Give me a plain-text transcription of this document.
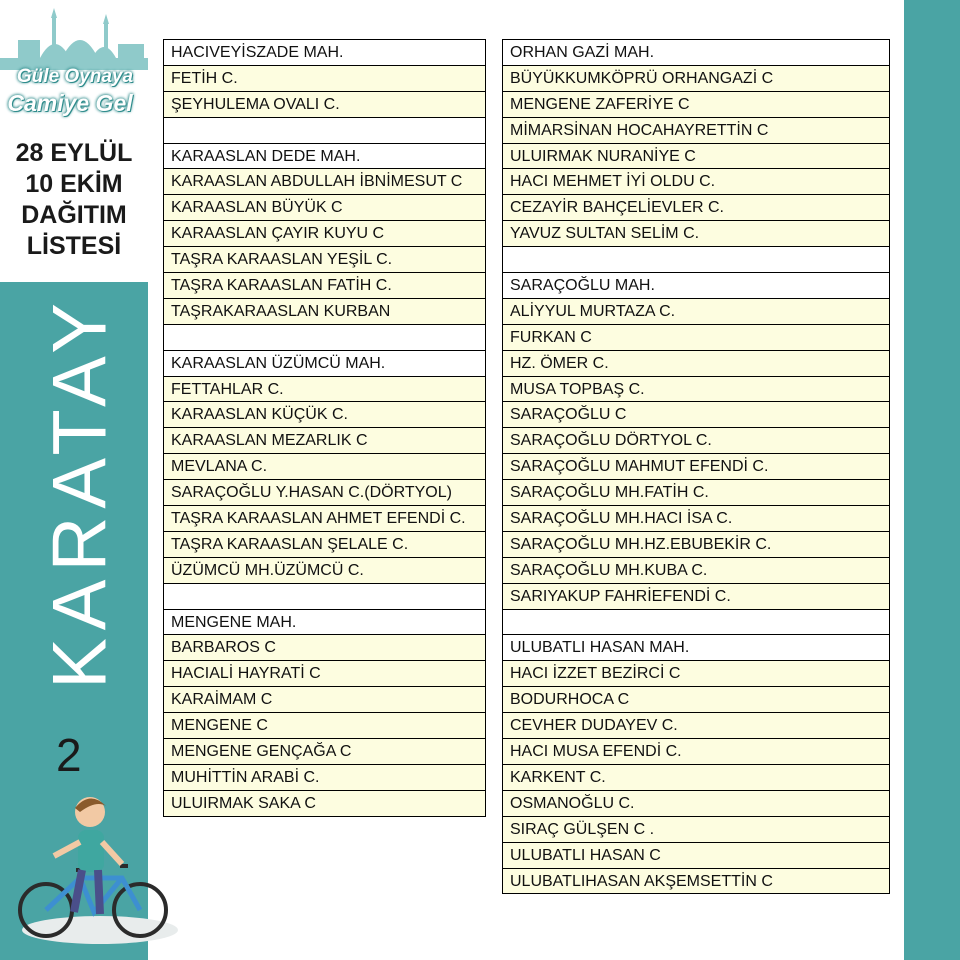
Güle Oynaya
Camiye Gel
28 EYLÜL
10 EKİM
DAĞITIM
LİSTESİ
KARATAY
2
HACIVEYİSZADE MAH.
FETİH C.
ŞEYHULEMA OVALI C.
KARAASLAN DEDE MAH.
KARAASLAN ABDULLAH İBNİMESUT C
KARAASLAN BÜYÜK C
KARAASLAN ÇAYIR KUYU C
TAŞRA KARAASLAN YEŞİL C.
TAŞRA KARAASLAN FATİH C.
TAŞRAKARAASLAN KURBAN
KARAASLAN ÜZÜMCÜ MAH.
FETTAHLAR C.
KARAASLAN KÜÇÜK C.
KARAASLAN MEZARLIK C
MEVLANA C.
SARAÇOĞLU Y.HASAN C.(DÖRTYOL)
TAŞRA KARAASLAN AHMET EFENDİ C.
TAŞRA KARAASLAN ŞELALE C.
ÜZÜMCÜ MH.ÜZÜMCÜ C.
MENGENE MAH.
BARBAROS C
HACIALİ HAYRATİ C
KARAİMAM C
MENGENE C
MENGENE GENÇAĞA C
MUHİTTİN ARABİ C.
ULUIRMAK SAKA C
ORHAN GAZİ MAH.
BÜYÜKKUMKÖPRÜ ORHANGAZİ C
MENGENE ZAFERİYE C
MİMARSİNAN HOCAHAYRETTİN C
ULUIRMAK NURANİYE C
HACI MEHMET İYİ OLDU C.
CEZAYİR BAHÇELİEVLER C.
YAVUZ SULTAN SELİM C.
SARAÇOĞLU MAH.
ALİYYUL MURTAZA C.
FURKAN C
HZ. ÖMER C.
MUSA TOPBAŞ C.
SARAÇOĞLU C
SARAÇOĞLU DÖRTYOL C.
SARAÇOĞLU MAHMUT EFENDİ C.
SARAÇOĞLU MH.FATİH C.
SARAÇOĞLU MH.HACI İSA C.
SARAÇOĞLU MH.HZ.EBUBEKİR C.
SARAÇOĞLU MH.KUBA C.
SARIYAKUP FAHRİEFENDİ C.
ULUBATLI HASAN MAH.
HACI İZZET BEZİRCİ C
BODURHOCA C
CEVHER DUDAYEV C.
HACI MUSA EFENDİ C.
KARKENT C.
OSMANOĞLU C.
SIRAÇ GÜLŞEN C .
ULUBATLI HASAN C
ULUBATLIHASAN AKŞEMSETTİN C
